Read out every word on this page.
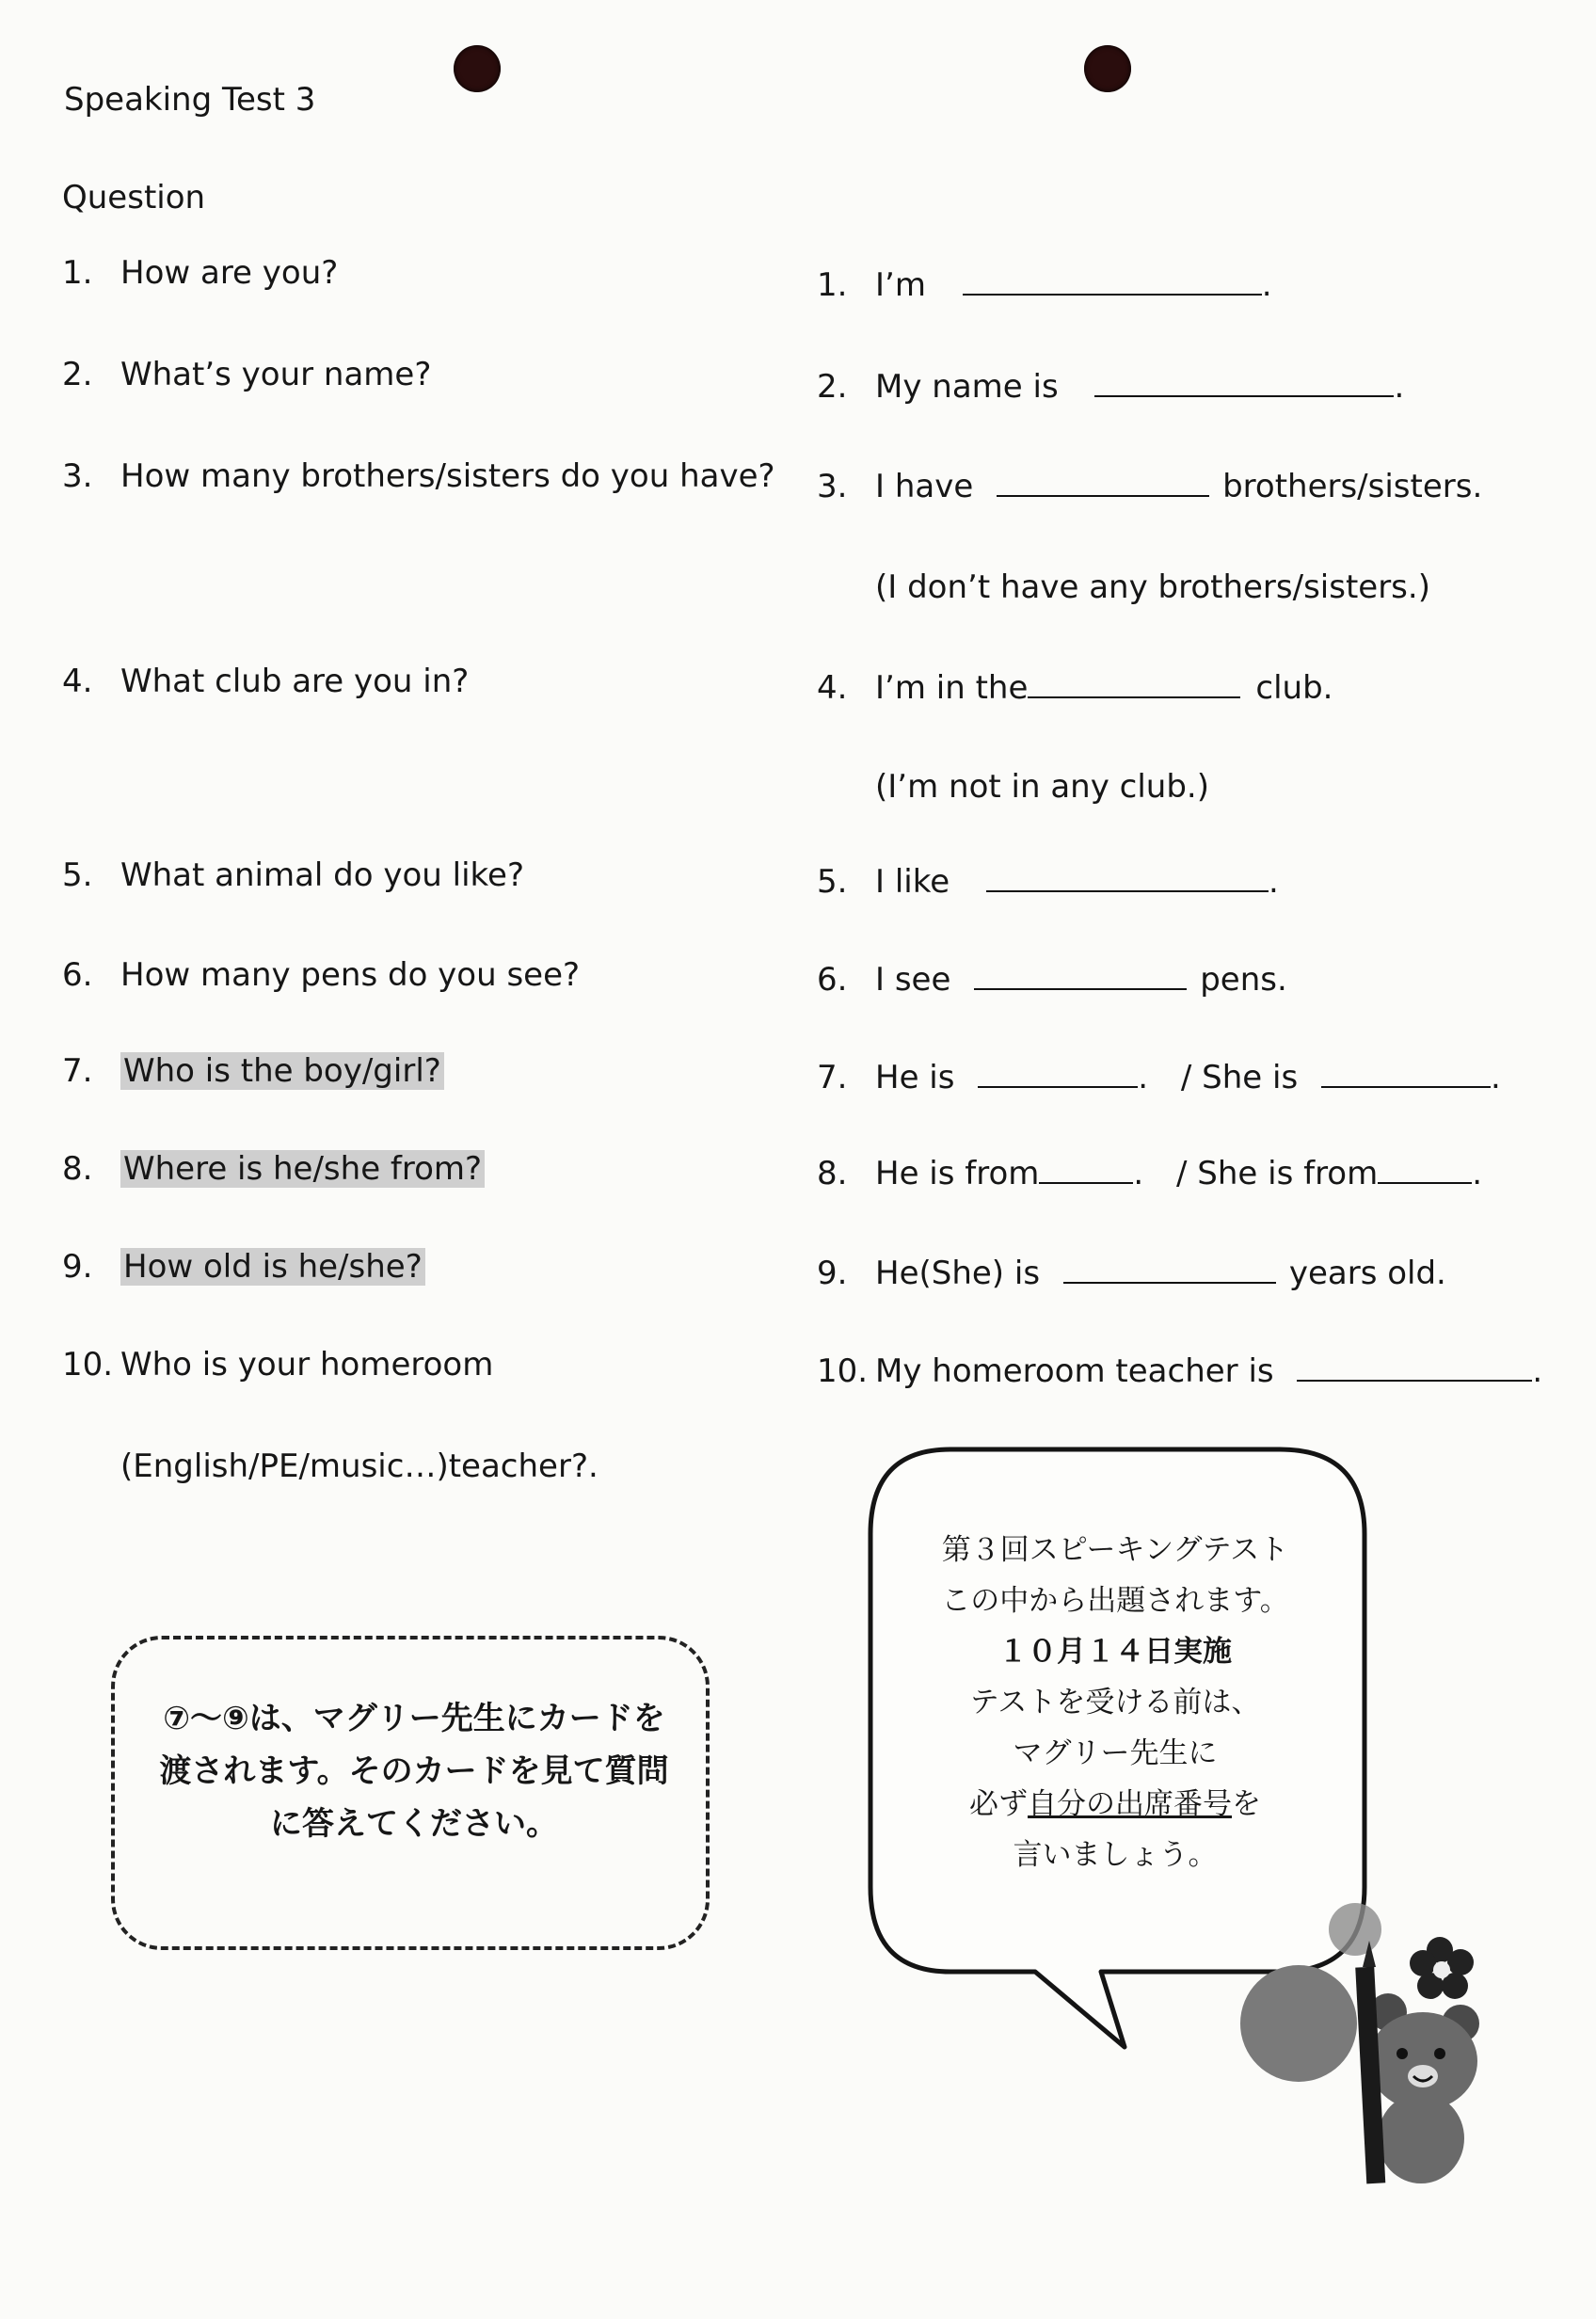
Speaking Test 3
Question
1. How are you?
2. What’s your name?
3. How many brothers/sisters do you have?
4. What club are you in?
5. What animal do you like?
6. How many pens do you see?
7. Who is the boy/girl?
8. Where is he/she from?
9. How old is he/she?
10. Who is your homeroom
(English/PE/music…)teacher?.
1. I’m	.
2. My name is	.
3. I have	brothers/sisters.
(I don’t have any brothers/sisters.)
4. I’m in the	club.
(I’m not in any club.)
5. I like	.
6. I see	pens.
7. He is	. / She is	.
8. He is from	. / She is from	.
9. He(She) is	years old.
10. My homeroom teacher is	.
⑦～⑨は、マグリー先生にカードを
渡されます。そのカードを見て質問
に答えてください。
第３回スピーキングテスト
この中から出題されます。
１０月１４日実施
テストを受ける前は、
マグリー先生に
必ず自分の出席番号を
言いましょう。
